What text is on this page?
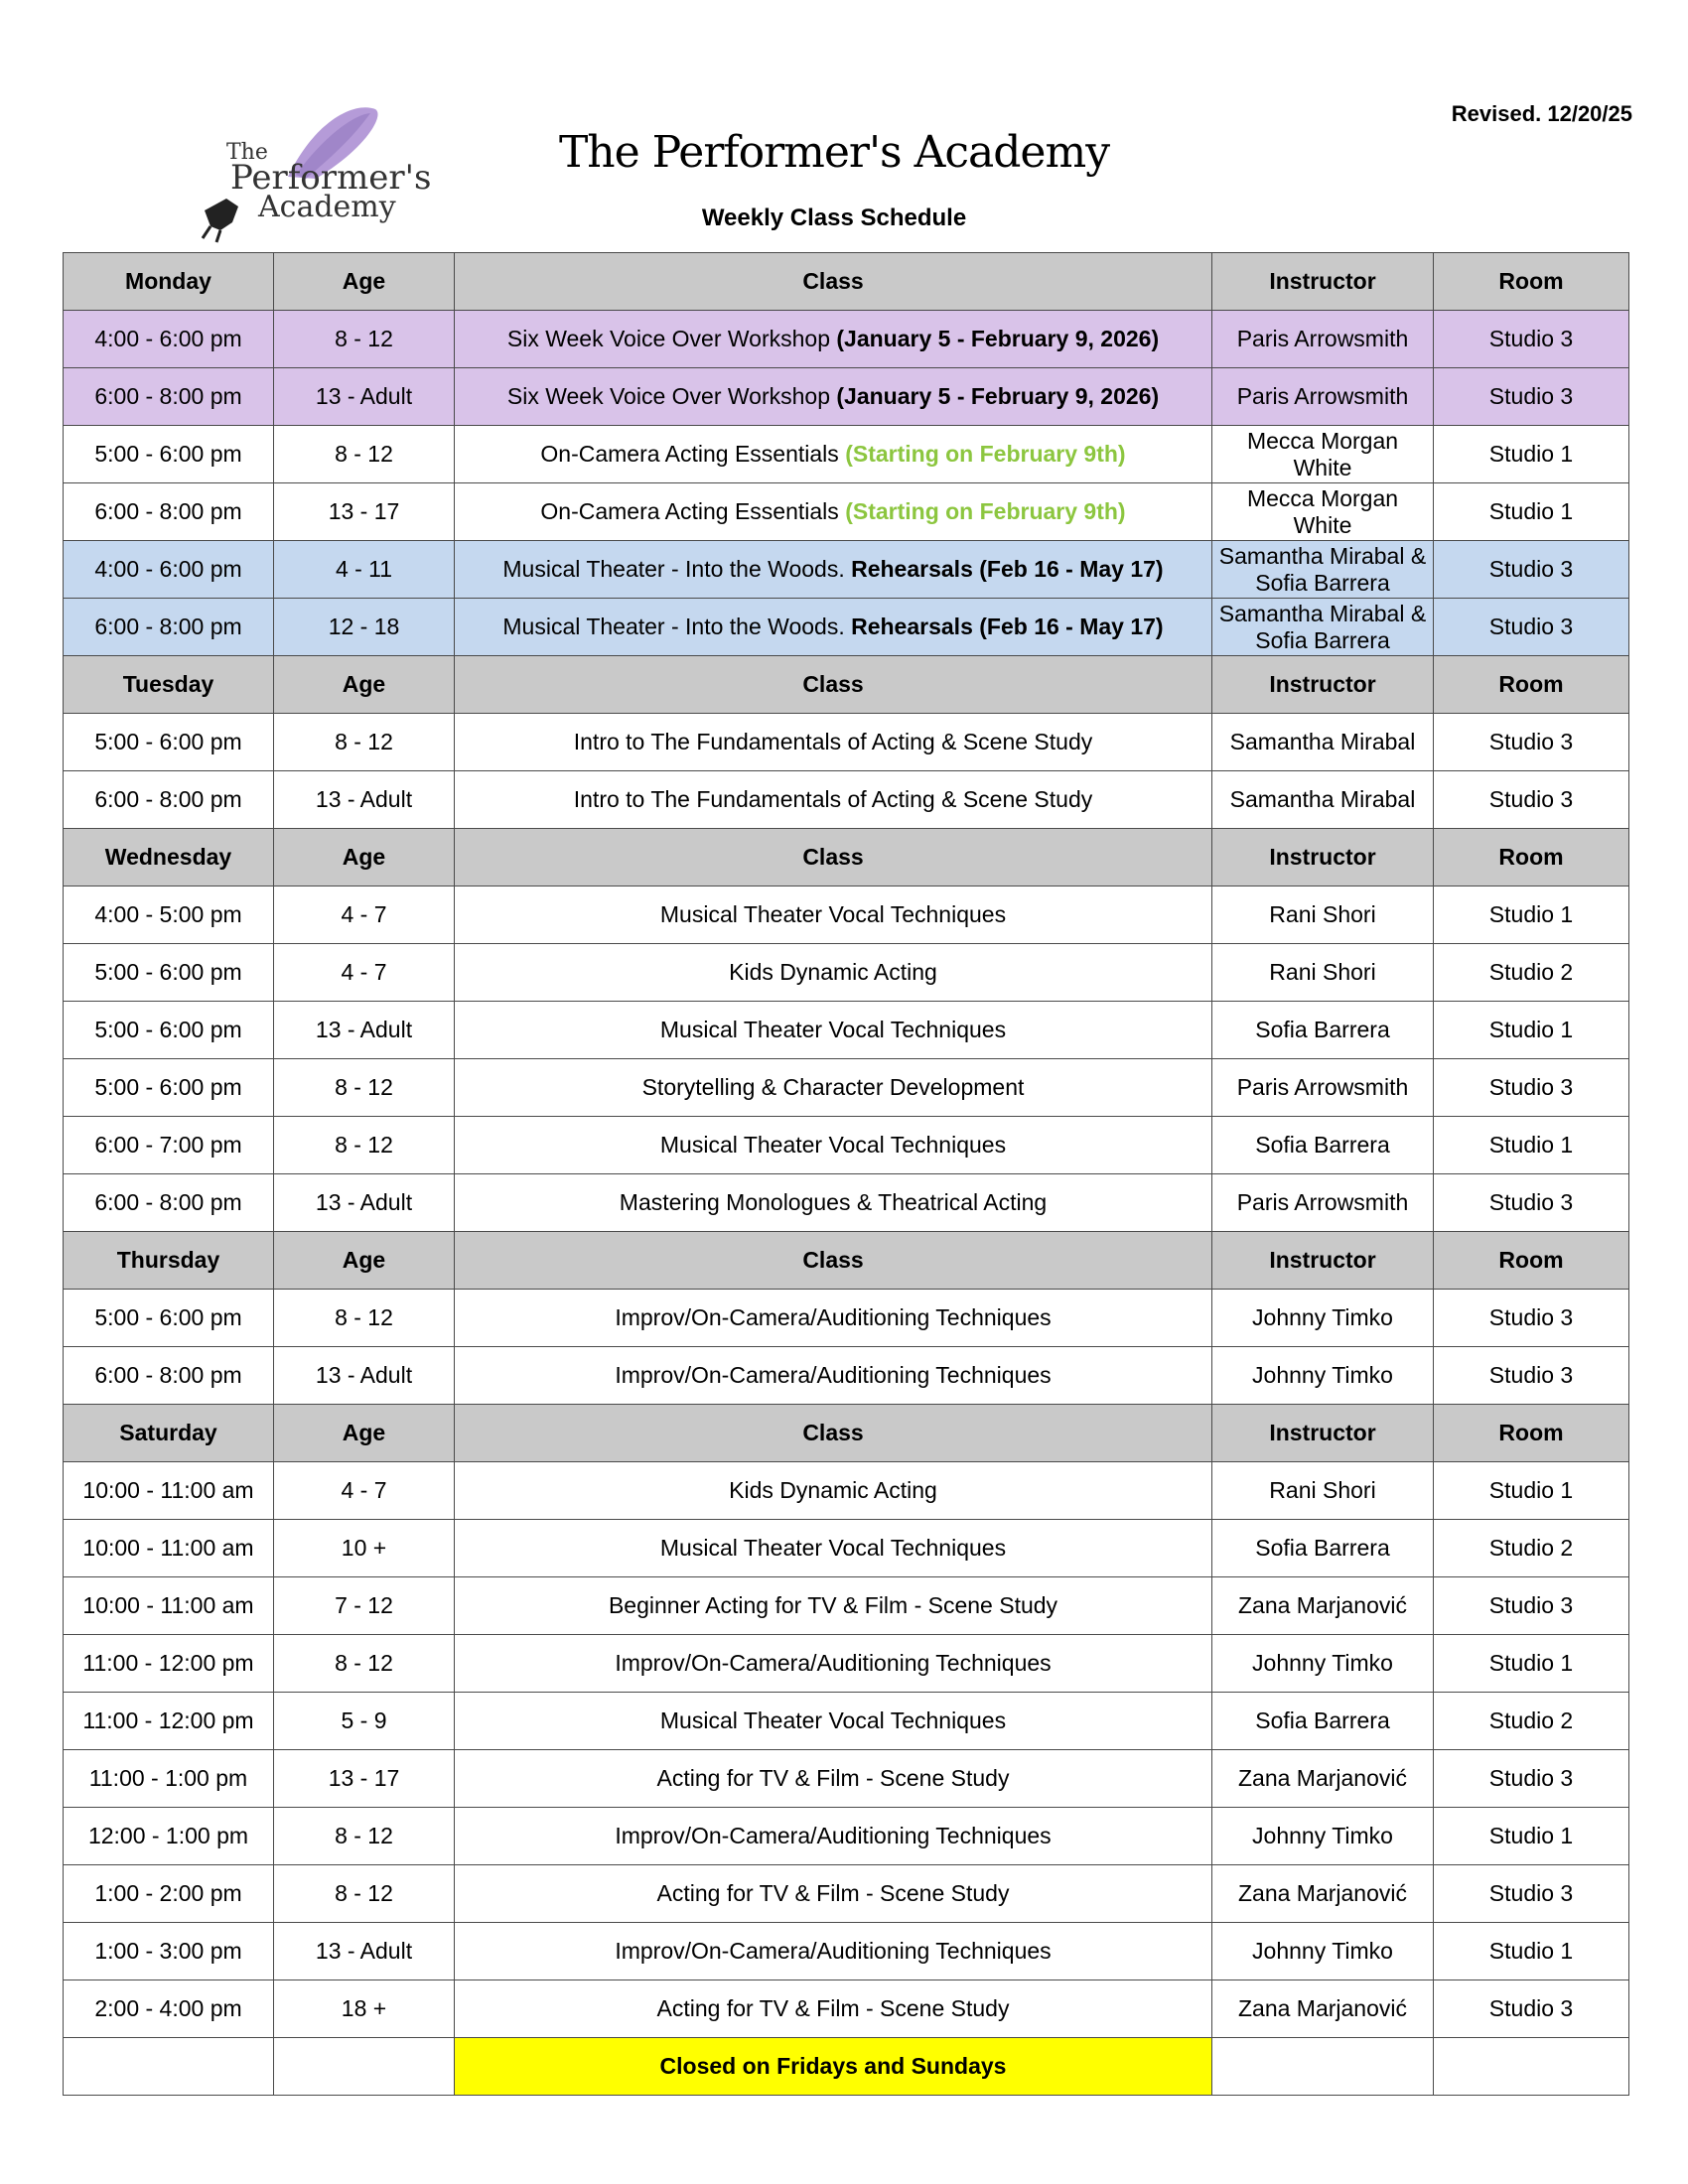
The
Performer's
Academy
Revised. 12/20/25
The Performer's Academy
Weekly Class Schedule
Monday	Age	Class	Instructor	Room
4:00 - 6:00 pm	8 - 12	Six Week Voice Over Workshop (January 5 - February 9, 2026)	Paris Arrowsmith	Studio 3
6:00 - 8:00 pm	13 - Adult	Six Week Voice Over Workshop (January 5 - February 9, 2026)	Paris Arrowsmith	Studio 3
5:00 - 6:00 pm	8 - 12	On-Camera Acting Essentials (Starting on February 9th)	Mecca Morgan White	Studio 1
6:00 - 8:00 pm	13 - 17	On-Camera Acting Essentials (Starting on February 9th)	Mecca Morgan White	Studio 1
4:00 - 6:00 pm	4 - 11	Musical Theater - Into the Woods. Rehearsals (Feb 16 - May 17)	Samantha Mirabal & Sofia Barrera	Studio 3
6:00 - 8:00 pm	12 - 18	Musical Theater - Into the Woods. Rehearsals (Feb 16 - May 17)	Samantha Mirabal & Sofia Barrera	Studio 3
Tuesday	Age	Class	Instructor	Room
5:00 - 6:00 pm	8 - 12	Intro to The Fundamentals of Acting & Scene Study	Samantha Mirabal	Studio 3
6:00 - 8:00 pm	13 - Adult	Intro to The Fundamentals of Acting & Scene Study	Samantha Mirabal	Studio 3
Wednesday	Age	Class	Instructor	Room
4:00 - 5:00 pm	4 - 7	Musical Theater Vocal Techniques	Rani Shori	Studio 1
5:00 - 6:00 pm	4 - 7	Kids Dynamic Acting	Rani Shori	Studio 2
5:00 - 6:00 pm	13 - Adult	Musical Theater Vocal Techniques	Sofia Barrera	Studio 1
5:00 - 6:00 pm	8 - 12	Storytelling & Character Development	Paris Arrowsmith	Studio 3
6:00 - 7:00 pm	8 - 12	Musical Theater Vocal Techniques	Sofia Barrera	Studio 1
6:00 - 8:00 pm	13 - Adult	Mastering Monologues & Theatrical Acting	Paris Arrowsmith	Studio 3
Thursday	Age	Class	Instructor	Room
5:00 - 6:00 pm	8 - 12	Improv/On-Camera/Auditioning Techniques	Johnny Timko	Studio 3
6:00 - 8:00 pm	13 - Adult	Improv/On-Camera/Auditioning Techniques	Johnny Timko	Studio 3
Saturday	Age	Class	Instructor	Room
10:00 - 11:00 am	4 - 7	Kids Dynamic Acting	Rani Shori	Studio 1
10:00 - 11:00 am	10 +	Musical Theater Vocal Techniques	Sofia Barrera	Studio 2
10:00 - 11:00 am	7 - 12	Beginner Acting for TV & Film - Scene Study	Zana Marjanović	Studio 3
11:00 - 12:00 pm	8 - 12	Improv/On-Camera/Auditioning Techniques	Johnny Timko	Studio 1
11:00 - 12:00 pm	5 - 9	Musical Theater Vocal Techniques	Sofia Barrera	Studio 2
11:00 - 1:00 pm	13 - 17	Acting for TV & Film - Scene Study	Zana Marjanović	Studio 3
12:00 - 1:00 pm	8 - 12	Improv/On-Camera/Auditioning Techniques	Johnny Timko	Studio 1
1:00 - 2:00 pm	8 - 12	Acting for TV & Film - Scene Study	Zana Marjanović	Studio 3
1:00 - 3:00 pm	13 - Adult	Improv/On-Camera/Auditioning Techniques	Johnny Timko	Studio 1
2:00 - 4:00 pm	18 +	Acting for TV & Film - Scene Study	Zana Marjanović	Studio 3
		Closed on Fridays and Sundays		
